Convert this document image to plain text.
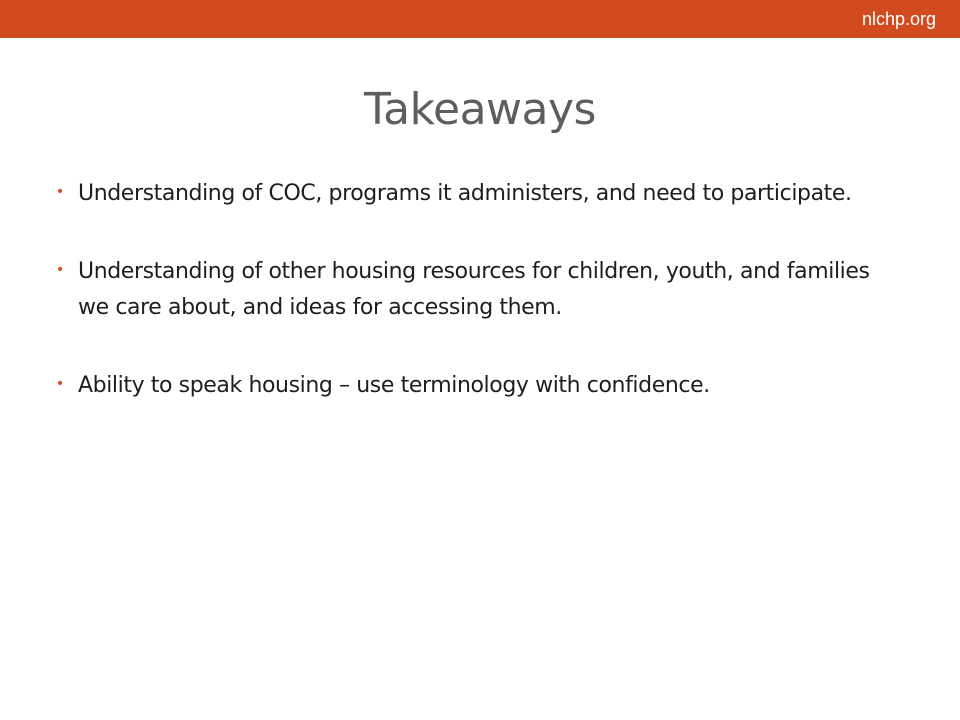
nlchp.org
Takeaways
• Understanding of COC, programs it administers, and need to participate.
• Understanding of other housing resources for children, youth, and families we care about, and ideas for accessing them.
• Ability to speak housing – use terminology with confidence.
